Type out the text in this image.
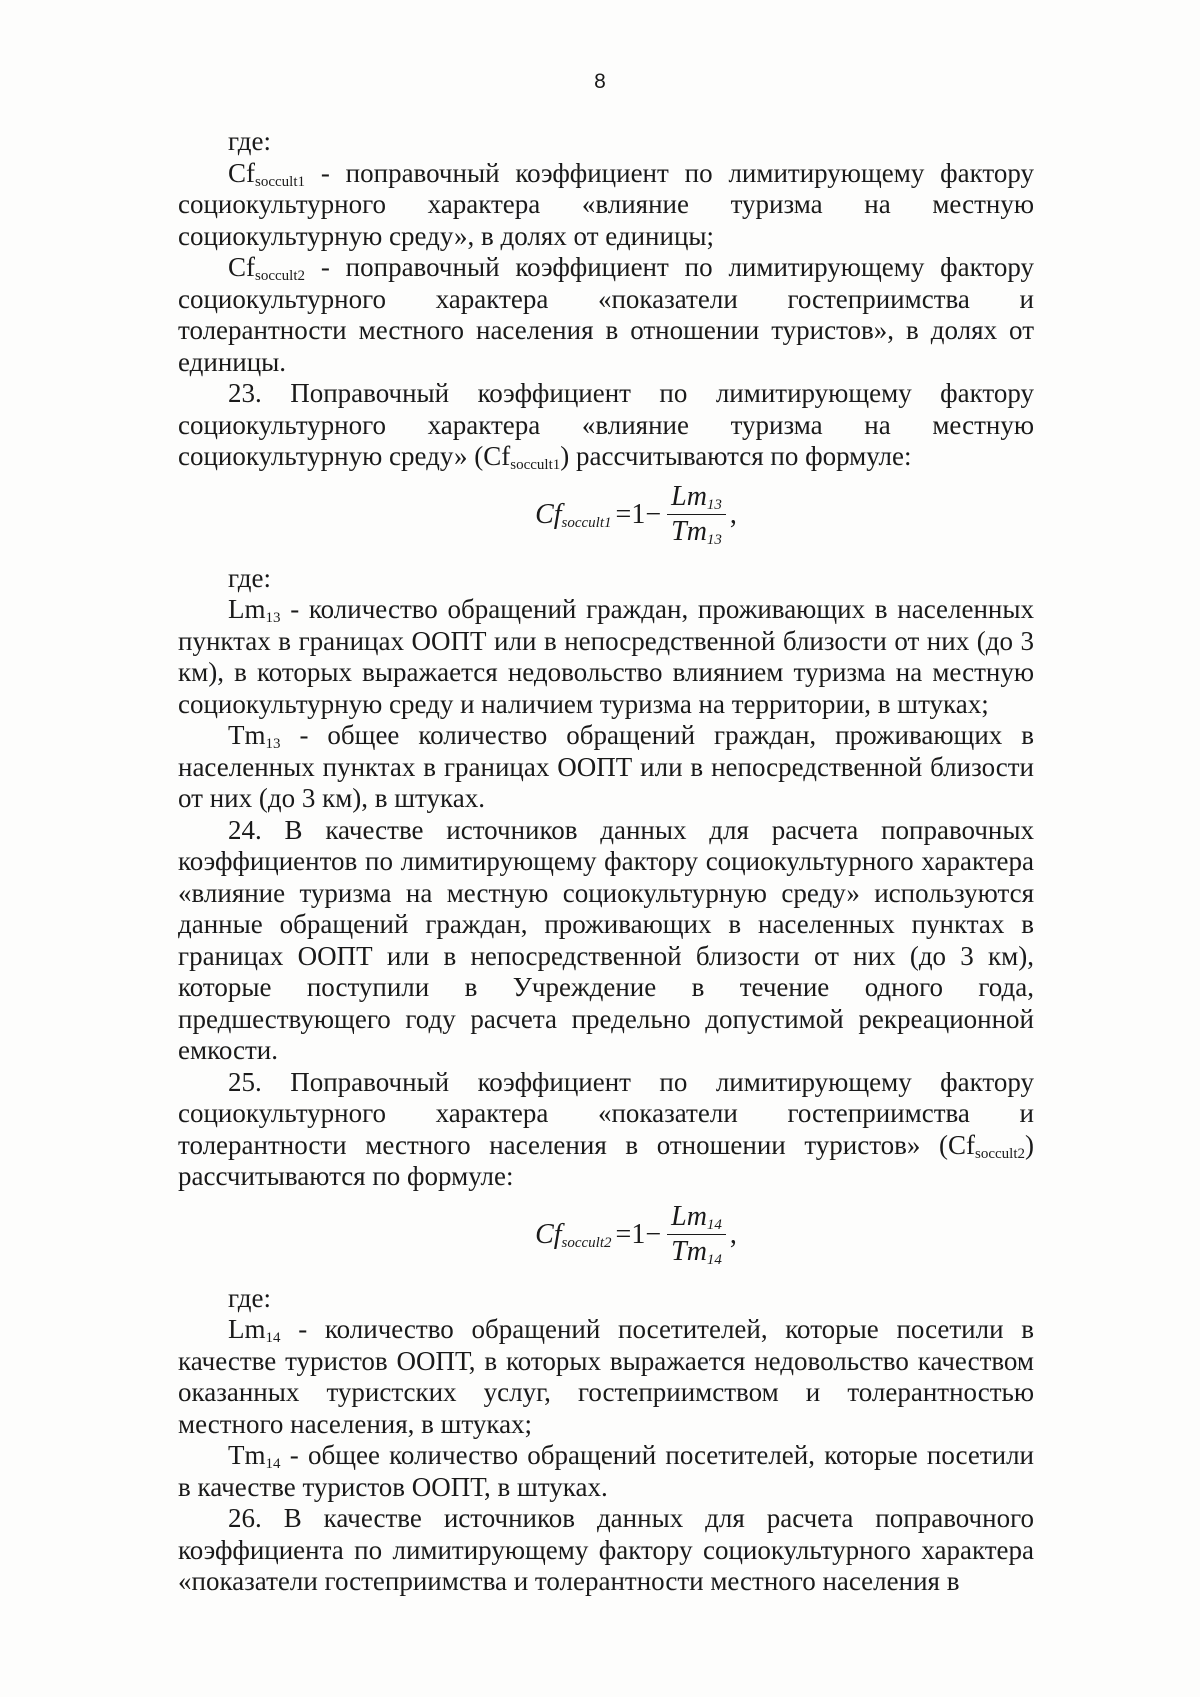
8

где:

$Cf_{soccult1}$ - поправочный коэффициент по лимитирующему фактору социокультурного характера «влияние туризма на местную социокультурную среду», в долях от единицы;

$Cf_{soccult2}$ - поправочный коэффициент по лимитирующему фактору социокультурного характера «показатели гостеприимства и толерантности местного населения в отношении туристов», в долях от единицы.

23. Поправочный коэффициент по лимитирующему фактору социокультурного характера «влияние туризма на местную социокультурную среду» $(Cf_{soccult1})$ рассчитываются по формуле:

$Cf_{soccult1} =1- \frac{Lm_{13}}{Tm_{13}}$ ,

где:

$Lm_{13}$ - количество обращений граждан, проживающих в населенных пунктах в границах ООПТ или в непосредственной близости от них (до 3 км), в которых выражается недовольство влиянием туризма на местную социокультурную среду и наличием туризма на территории, в штуках;

$Tm_{13}$ - общее количество обращений граждан, проживающих в населенных пунктах в границах ООПТ или в непосредственной близости от них (до 3 км), в штуках.

24. В качестве источников данных для расчета поправочных коэффициентов по лимитирующему фактору социокультурного характера «влияние туризма на местную социокультурную среду» используются данные обращений граждан, проживающих в населенных пунктах в границах ООПТ или в непосредственной близости от них (до 3 км), которые поступили в Учреждение в течение одного года, предшествующего году расчета предельно допустимой рекреационной емкости.

25. Поправочный коэффициент по лимитирующему фактору социокультурного характера «показатели гостеприимства и толерантности местного населения в отношении туристов» $(Cf_{soccult2})$ рассчитываются по формуле:

$Cf_{soccult2} =1- \frac{Lm_{14}}{Tm_{14}}$ ,

где:

$Lm_{14}$ - количество обращений посетителей, которые посетили в качестве туристов ООПТ, в которых выражается недовольство качеством оказанных туристских услуг, гостеприимством и толерантностью местного населения, в штуках;

$Tm_{14}$ - общее количество обращений посетителей, которые посетили в качестве туристов ООПТ, в штуках.

26. В качестве источников данных для расчета поправочного коэффициента по лимитирующему фактору социокультурного характера «показатели гостеприимства и толерантности местного населения в
